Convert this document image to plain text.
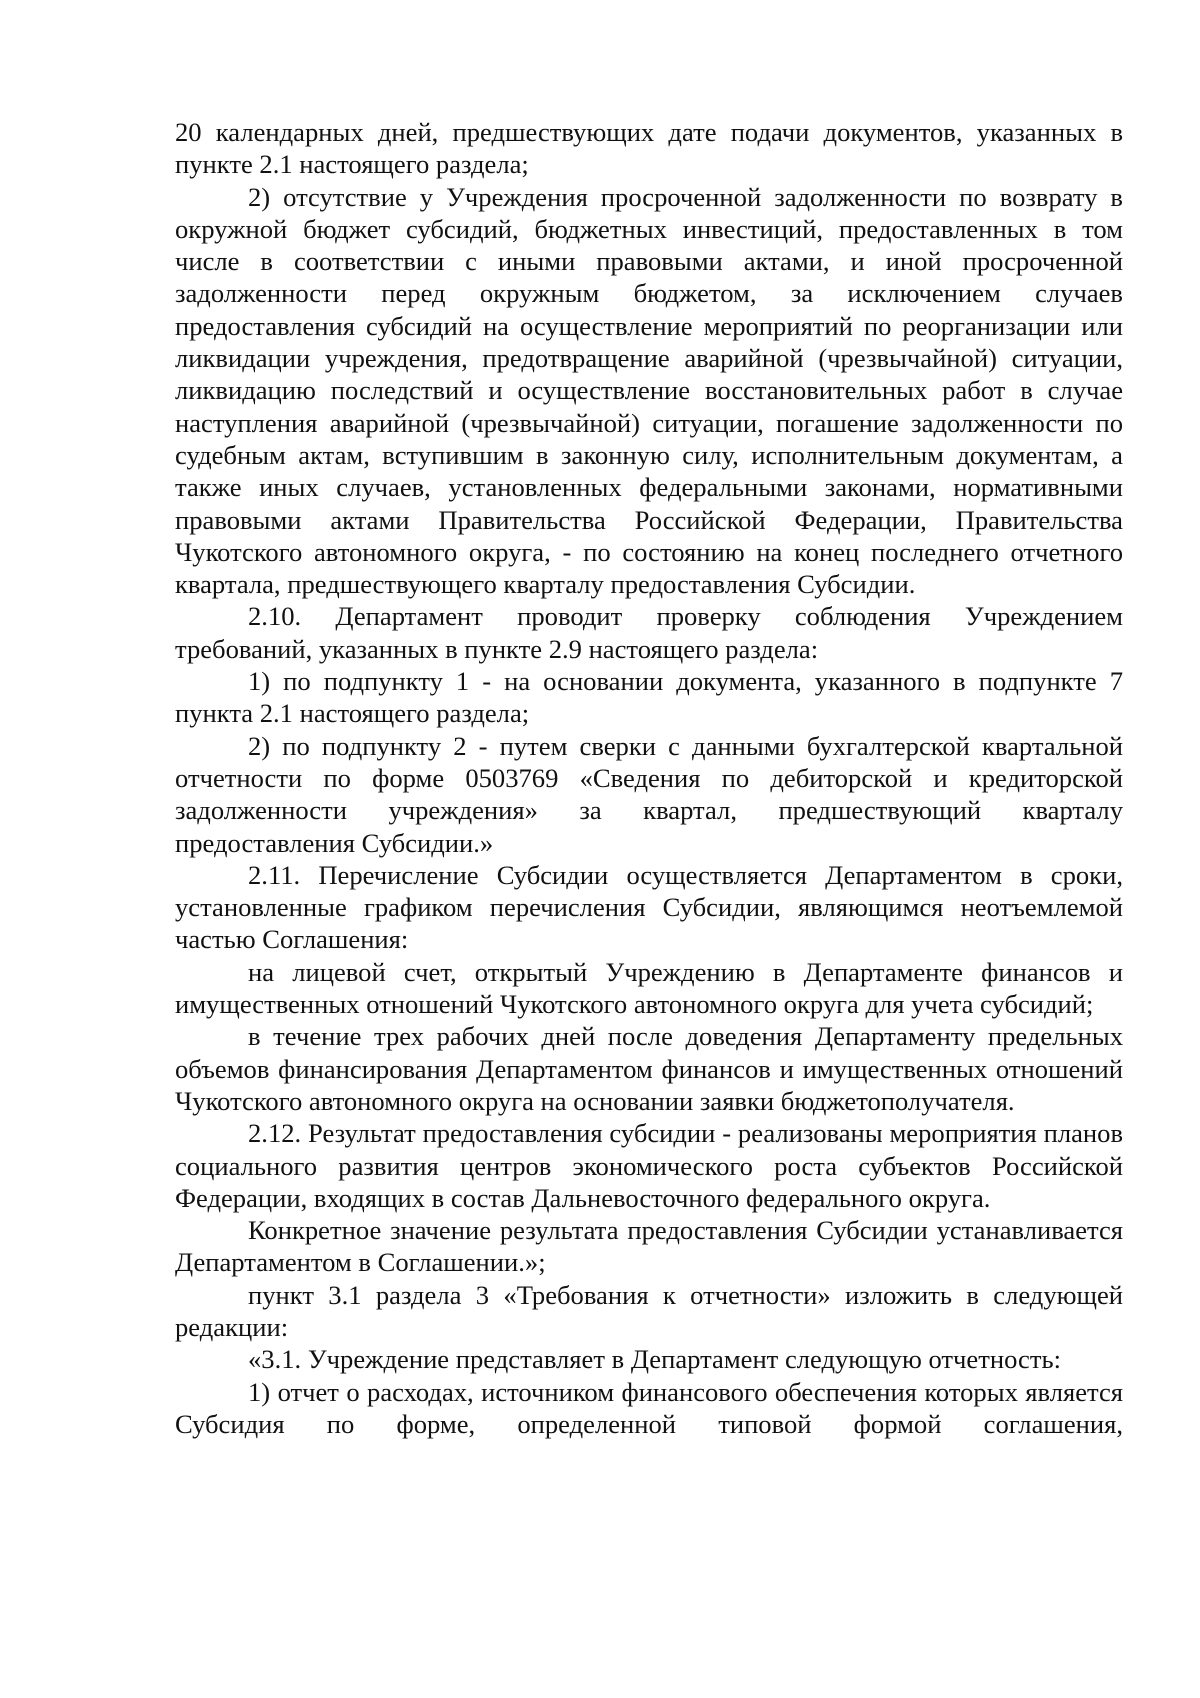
20 календарных дней, предшествующих дате подачи документов, указанных в пункте 2.1 настоящего раздела;

2) отсутствие у Учреждения просроченной задолженности по возврату в окружной бюджет субсидий, бюджетных инвестиций, предоставленных в том числе в соответствии с иными правовыми актами, и иной просроченной задолженности перед окружным бюджетом, за исключением случаев предоставления субсидий на осуществление мероприятий по реорганизации или ликвидации учреждения, предотвращение аварийной (чрезвычайной) ситуации, ликвидацию последствий и осуществление восстановительных работ в случае наступления аварийной (чрезвычайной) ситуации, погашение задолженности по судебным актам, вступившим в законную силу, исполнительным документам, а также иных случаев, установленных федеральными законами, нормативными правовыми актами Правительства Российской Федерации, Правительства Чукотского автономного округа, - по состоянию на конец последнего отчетного квартала, предшествующего кварталу предоставления Субсидии.

2.10. Департамент проводит проверку соблюдения Учреждением требований, указанных в пункте 2.9 настоящего раздела:

1) по подпункту 1 - на основании документа, указанного в подпункте 7 пункта 2.1 настоящего раздела;

2) по подпункту 2 - путем сверки с данными бухгалтерской квартальной отчетности по форме 0503769 «Сведения по дебиторской и кредиторской задолженности учреждения» за квартал, предшествующий кварталу предоставления Субсидии.»

2.11. Перечисление Субсидии осуществляется Департаментом в сроки, установленные графиком перечисления Субсидии, являющимся неотъемлемой частью Соглашения:

на лицевой счет, открытый Учреждению в Департаменте финансов и имущественных отношений Чукотского автономного округа для учета субсидий;

в течение трех рабочих дней после доведения Департаменту предельных объемов финансирования Департаментом финансов и имущественных отношений Чукотского автономного округа на основании заявки бюджетополучателя.

2.12. Результат предоставления субсидии - реализованы мероприятия планов социального развития центров экономического роста субъектов Российской Федерации, входящих в состав Дальневосточного федерального округа.

Конкретное значение результата предоставления Субсидии устанавливается Департаментом в Соглашении.»;

пункт 3.1 раздела 3 «Требования к отчетности» изложить в следующей редакции:

«3.1. Учреждение представляет в Департамент следующую отчетность:

1) отчет о расходах, источником финансового обеспечения которых является Субсидия по форме, определенной типовой формой соглашения,
